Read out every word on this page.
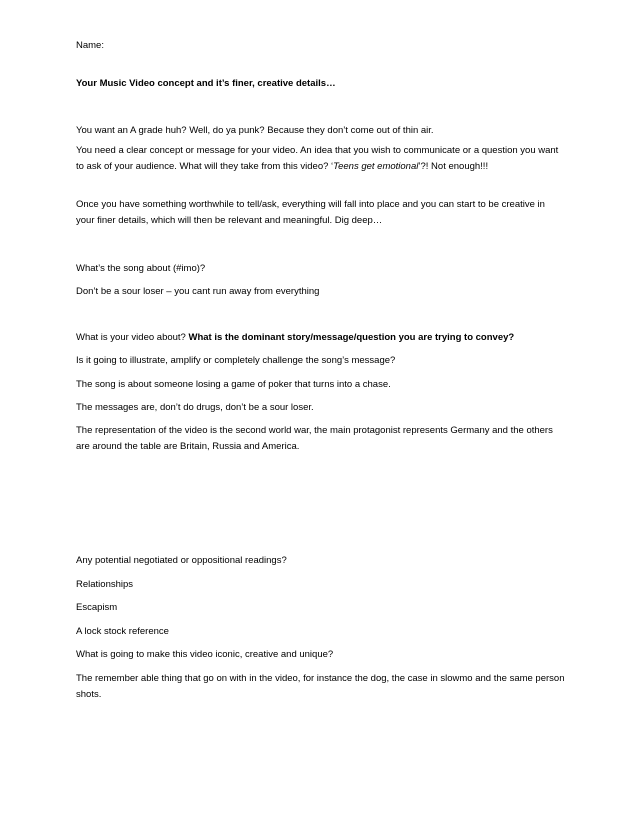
Name:

Your Music Video concept and it’s finer, creative details…

You want an A grade huh? Well, do ya punk? Because they don’t come out of thin air.

You need a clear concept or message for your video. An idea that you wish to communicate or a question you want to ask of your audience. What will they take from this video? ‘Teens get emotional’?! Not enough!!!

Once you have something worthwhile to tell/ask, everything will fall into place and you can start to be creative in your finer details, which will then be relevant and meaningful. Dig deep…

What’s the song about (#imo)?

Don’t be a sour loser – you cant run away from everything

What is your video about? What is the dominant story/message/question you are trying to convey?

Is it going to illustrate, amplify or completely challenge the song’s message?

The song is about someone losing a game of poker that turns into a chase.

The messages are, don’t do drugs, don’t be a sour loser.

The representation of the video is the second world war, the main protagonist represents Germany and the others are around the table are Britain, Russia and America.

Any potential negotiated or oppositional readings?

Relationships

Escapism

A lock stock reference

What is going to make this video iconic, creative and unique?

The remember able thing that go on with in the video, for instance the dog, the case in slowmo and the same person shots.
